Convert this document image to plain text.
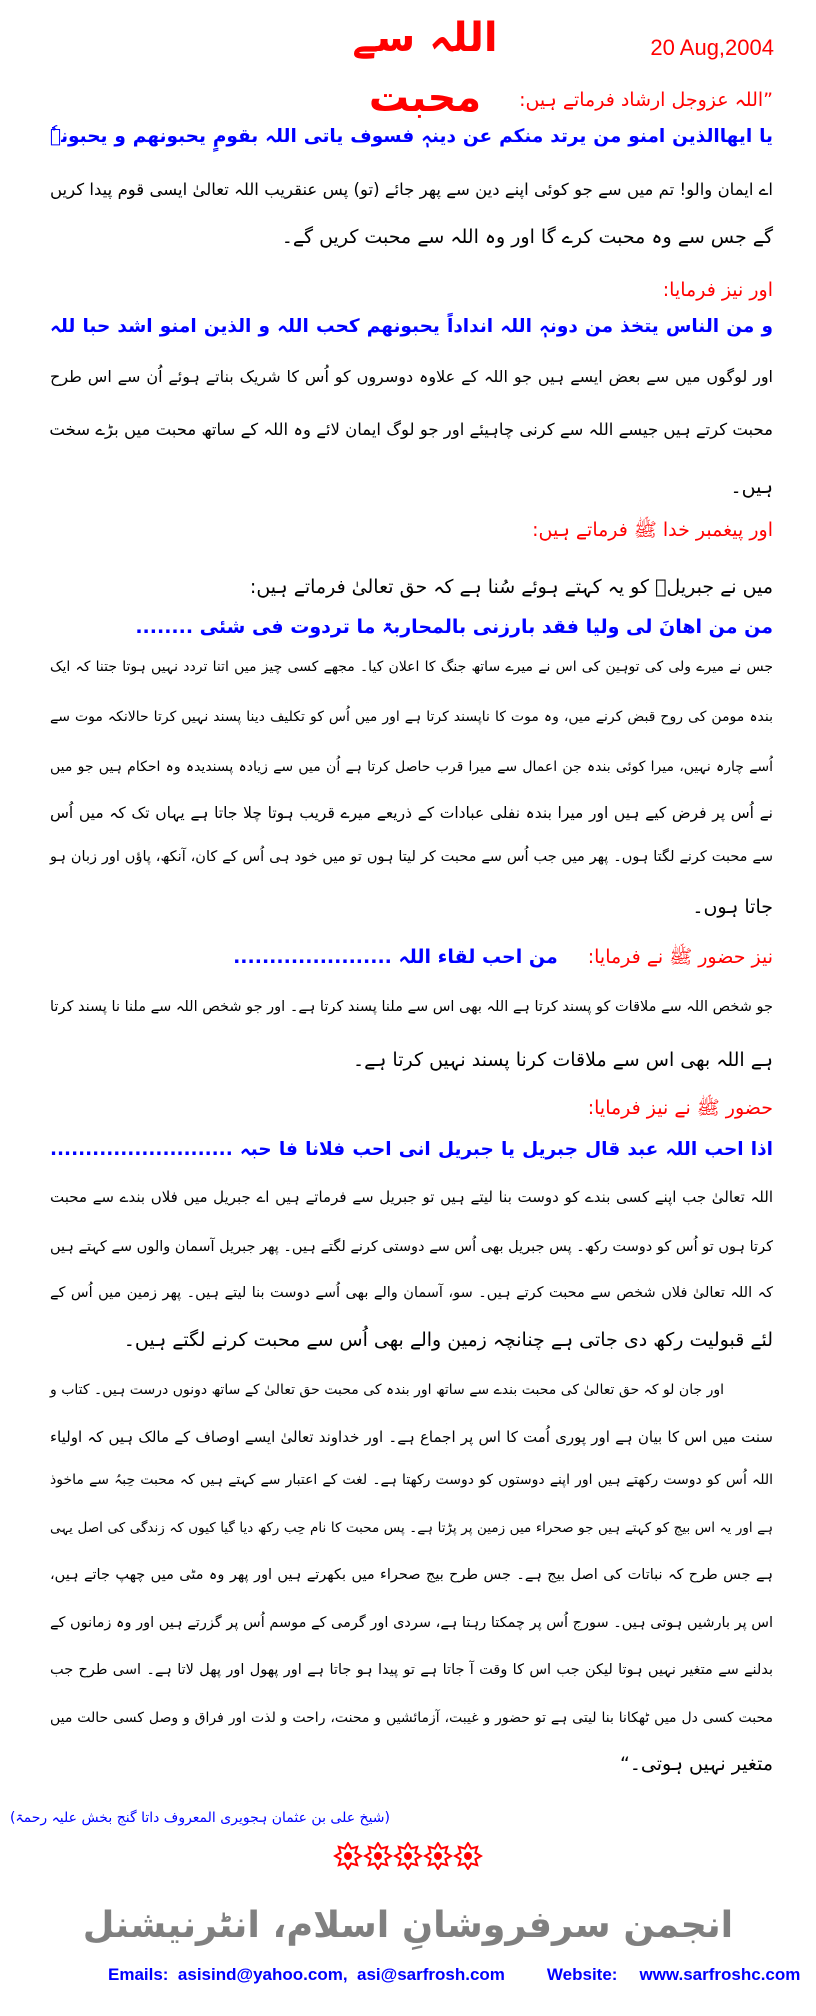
اللہ سے محبت
20 Aug,2004
”اللہ عزوجل ارشاد فرماتے ہیں:
یا ایھاالذین امنو من یرتد منکم عن دینہٖ فسوف یاتی اللہ بقومٍ یحبونھم و یحبونہٗ
اے ایمان والو! تم میں سے جو کوئی اپنے دین سے پھر جائے (تو) پس عنقریب اللہ تعالیٰ ایسی قوم پیدا کریں
گے جس سے وہ محبت کرے گا اور وہ اللہ سے محبت کریں گے۔
اور نیز فرمایا:
و من الناس یتخذ من دونہٖ اللہ انداداً یحبونھم کحب اللہ و الذین امنو اشد حبا للہ
اور لوگوں میں سے بعض ایسے ہیں جو اللہ کے علاوہ دوسروں کو اُس کا شریک بناتے ہوئے اُن سے اس طرح
محبت کرتے ہیں جیسے اللہ سے کرنی چاہیئے اور جو لوگ ایمان لائے وہ اللہ کے ساتھ محبت میں بڑے سخت
ہیں۔
اور پیغمبر خدا ﷺ فرماتے ہیں:
میں نے جبریلؑ کو یہ کہتے ہوئے سُنا ہے کہ حق تعالیٰ فرماتے ہیں:
من من اھانَ لی ولیا فقد بارزنی بالمحاربۃ ما تردوت فی شئی ........
جس نے میرے ولی کی توہین کی اس نے میرے ساتھ جنگ کا اعلان کیا۔ مجھے کسی چیز میں اتنا تردد نہیں ہوتا جتنا کہ ایک
بندہ مومن کی روح قبض کرنے میں، وہ موت کا ناپسند کرتا ہے اور میں اُس کو تکلیف دینا پسند نہیں کرتا حالانکہ موت سے
اُسے چارہ نہیں، میرا کوئی بندہ جن اعمال سے میرا قرب حاصل کرتا ہے اُن میں سے زیادہ پسندیدہ وہ احکام ہیں جو میں
نے اُس پر فرض کیے ہیں اور میرا بندہ نفلی عبادات کے ذریعے میرے قریب ہوتا چلا جاتا ہے یہاں تک کہ میں اُس
سے محبت کرنے لگتا ہوں۔ پھر میں جب اُس سے محبت کر لیتا ہوں تو میں خود ہی اُس کے کان، آنکھ، پاؤں اور زبان ہو
جاتا ہوں۔
جو شخص اللہ سے ملاقات کو پسند کرتا ہے اللہ بھی اس سے ملنا پسند کرتا ہے۔ اور جو شخص اللہ سے ملنا نا پسند کرتا
ہے اللہ بھی اس سے ملاقات کرنا پسند نہیں کرتا ہے۔
حضور ﷺ نے نیز فرمایا:
اذا احب اللہ عبد قال جبریل یا جبریل انی احب فلانا فا حبہ ..........................
اللہ تعالیٰ جب اپنے کسی بندے کو دوست بنا لیتے ہیں تو جبریل سے فرماتے ہیں اے جبریل میں فلاں بندے سے محبت
کرتا ہوں تو اُس کو دوست رکھ۔ پس جبریل بھی اُس سے دوستی کرنے لگتے ہیں۔ پھر جبریل آسمان والوں سے کہتے ہیں
کہ اللہ تعالیٰ فلاں شخص سے محبت کرتے ہیں۔ سو، آسمان والے بھی اُسے دوست بنا لیتے ہیں۔ پھر زمین میں اُس کے
لئے قبولیت رکھ دی جاتی ہے چنانچہ زمین والے بھی اُس سے محبت کرنے لگتے ہیں۔
اور جان لو کہ حق تعالیٰ کی محبت بندے سے ساتھ اور بندہ کی محبت حق تعالیٰ کے ساتھ دونوں درست ہیں۔ کتاب و
سنت میں اس کا بیان ہے اور پوری اُمت کا اس پر اجماع ہے۔ اور خداوند تعالیٰ ایسے اوصاف کے مالک ہیں کہ اولیاء
اللہ اُس کو دوست رکھتے ہیں اور اپنے دوستوں کو دوست رکھتا ہے۔ لغت کے اعتبار سے کہتے ہیں کہ محبت حِبہُ سے ماخوذ
ہے اور یہ اس بیج کو کہتے ہیں جو صحراء میں زمین پر پڑتا ہے۔ پس محبت کا نام حِب رکھ دیا گیا کیوں کہ زندگی کی اصل یہی
ہے جس طرح کہ نباتات کی اصل بیج ہے۔ جس طرح بیج صحراء میں بکھرتے ہیں اور پھر وہ مٹی میں چھپ جاتے ہیں،
اس پر بارشیں ہوتی ہیں۔ سورج اُس پر چمکتا رہتا ہے، سردی اور گرمی کے موسم اُس پر گزرتے ہیں اور وہ زمانوں کے
بدلنے سے متغیر نہیں ہوتا لیکن جب اس کا وقت آ جاتا ہے تو پیدا ہو جاتا ہے اور پھول اور پھل لاتا ہے۔ اسی طرح جب
محبت کسی دل میں ٹھکانا بنا لیتی ہے تو حضور و غیبت، آزمائشیں و محنت، راحت و لذت اور فراق و وصل کسی حالت میں
متغیر نہیں ہوتی۔“
نیز حضور ﷺ نے فرمایا:
من احب لقاء اللہ ......................
(شیخ علی بن عثمان ہجویری المعروف داتا گنج بخش علیہ رحمۃ)
انجمن سرفروشانِ اسلام، انٹرنیشنل
Emails: asisind@yahoo.com,
asi@sarfrosh.com Website: www.sarfroshc.com
